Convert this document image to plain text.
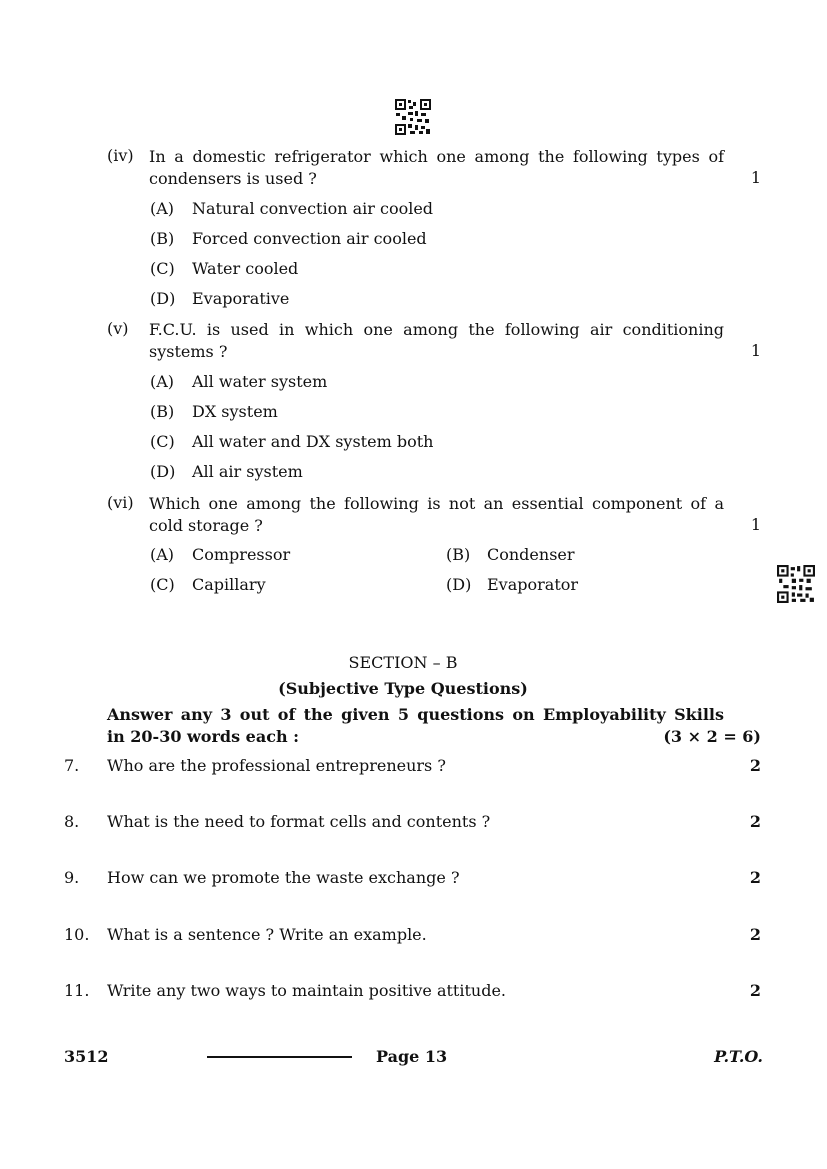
(iv) In a domestic refrigerator which one among the following types of
condensers is used ?	1
(A) Natural convection air cooled
(B) Forced convection air cooled
(C) Water cooled
(D) Evaporative
(v) F.C.U. is used in which one among the following air conditioning
systems ?	1
(A) All water system
(B) DX system
(C) All water and DX system both
(D) All air system
(vi) Which one among the following is not an essential component of a
cold storage ?	1
(A) Compressor	(B) Condenser
(C) Capillary	(D) Evaporator
SECTION – B
(Subjective Type Questions)
Answer any 3 out of the given 5 questions on Employability Skills
in 20-30 words each :	(3 × 2 = 6)
7. Who are the professional entrepreneurs ?	2
8. What is the need to format cells and contents ?	2
9. How can we promote the waste exchange ?	2
10. What is a sentence ? Write an example.	2
11. Write any two ways to maintain positive attitude.	2
3512	Page 13	P.T.O.
